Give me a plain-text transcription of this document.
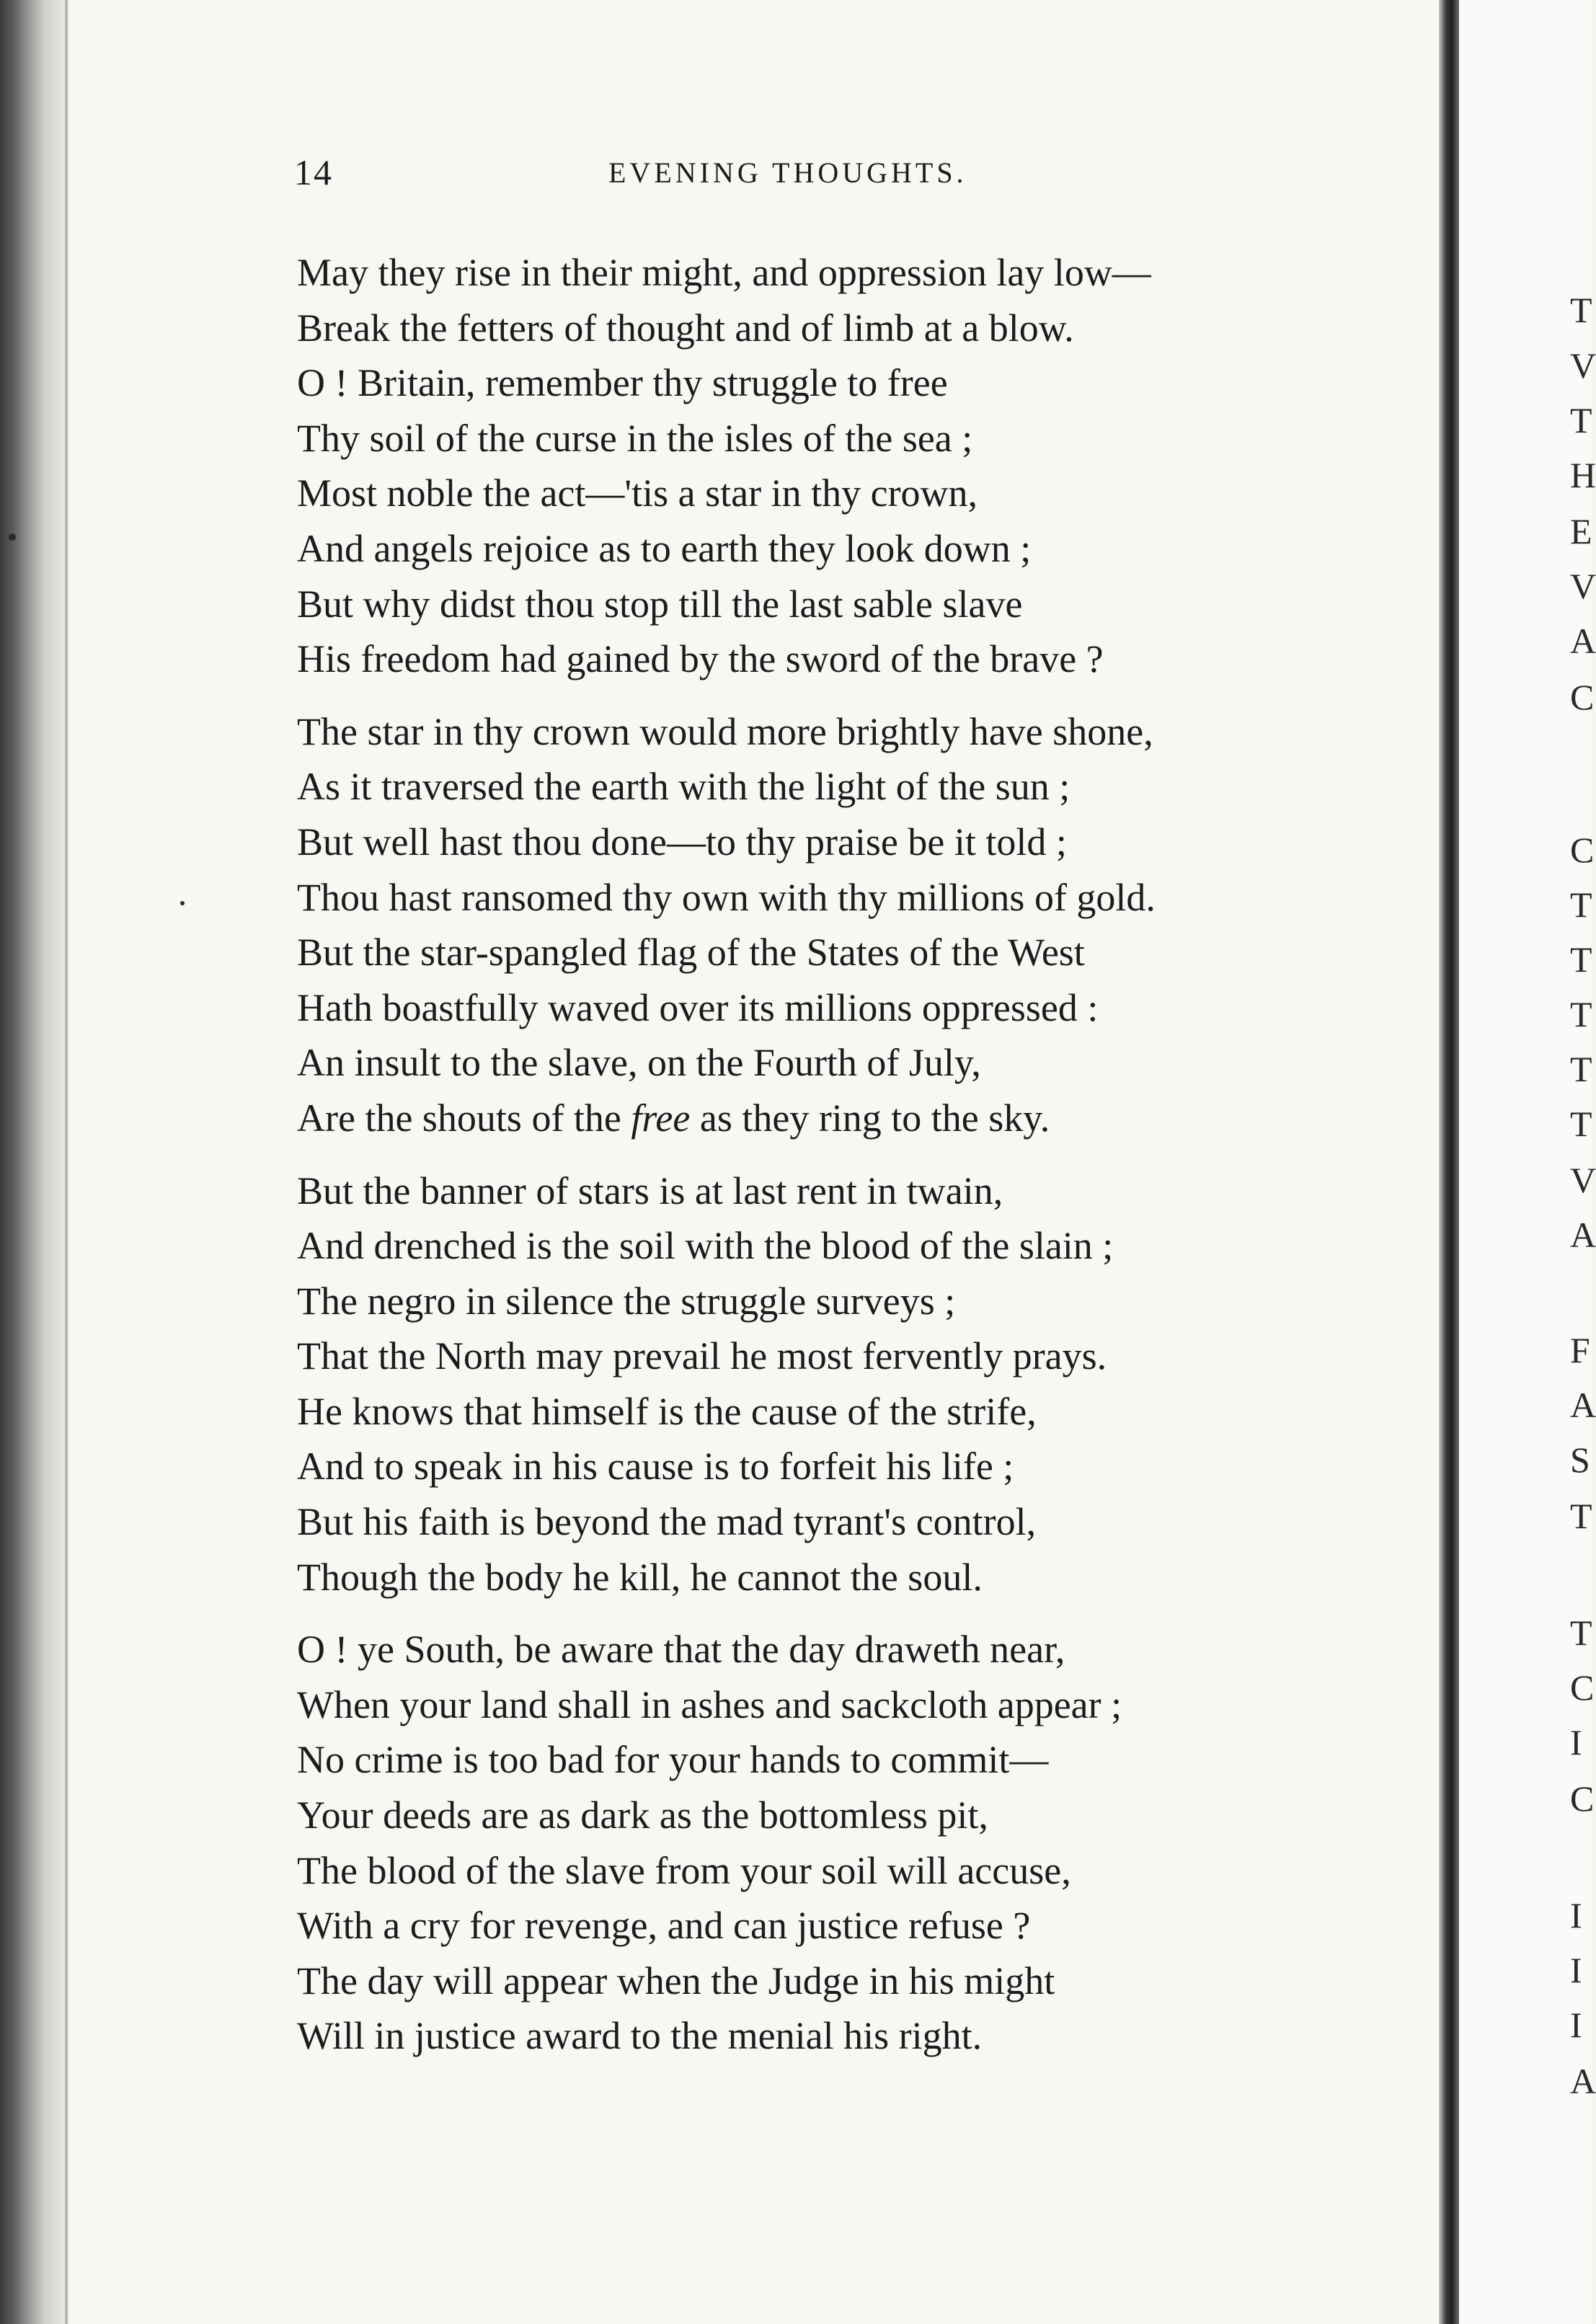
14	EVENING THOUGHTS.
May they rise in their might, and oppression lay low—
Break the fetters of thought and of limb at a blow.
O ! Britain, remember thy struggle to free
Thy soil of the curse in the isles of the sea ;
Most noble the act—'tis a star in thy crown,
And angels rejoice as to earth they look down ;
But why didst thou stop till the last sable slave
His freedom had gained by the sword of the brave ?
The star in thy crown would more brightly have shone,
As it traversed the earth with the light of the sun ;
But well hast thou done—to thy praise be it told ;
Thou hast ransomed thy own with thy millions of gold.
But the star-spangled flag of the States of the West
Hath boastfully waved over its millions oppressed :
An insult to the slave, on the Fourth of July,
Are the shouts of the free as they ring to the sky.
But the banner of stars is at last rent in twain,
And drenched is the soil with the blood of the slain ;
The negro in silence the struggle surveys ;
That the North may prevail he most fervently prays.
He knows that himself is the cause of the strife,
And to speak in his cause is to forfeit his life ;
But his faith is beyond the mad tyrant's control,
Though the body he kill, he cannot the soul.
O ! ye South, be aware that the day draweth near,
When your land shall in ashes and sackcloth appear ;
No crime is too bad for your hands to commit—
Your deeds are as dark as the bottomless pit,
The blood of the slave from your soil will accuse,
With a cry for revenge, and can justice refuse ?
The day will appear when the Judge in his might
Will in justice award to the menial his right.
T
V
T
H
E
V
A
C
C
T
T
T
T
T
V
A
F
A
S
T
T
C
I
C
I
I
I
A
